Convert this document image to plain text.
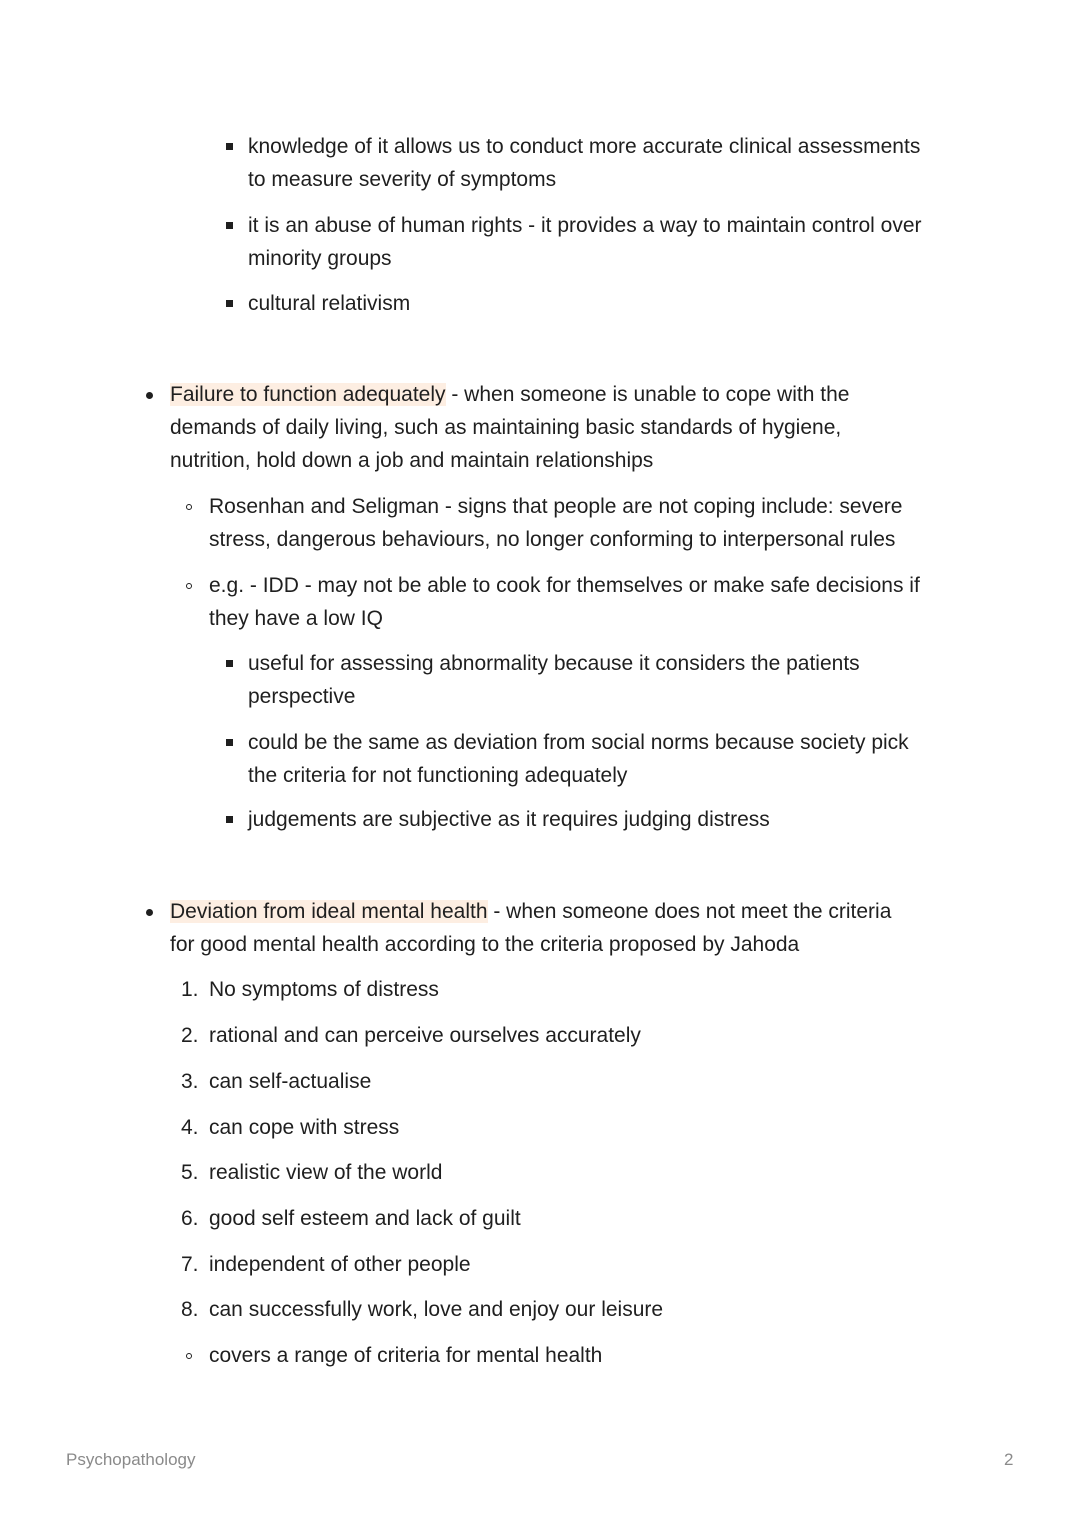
knowledge of it allows us to conduct more accurate clinical assessments
to measure severity of symptoms
it is an abuse of human rights - it provides a way to maintain control over
minority groups
cultural relativism
Failure to function adequately - when someone is unable to cope with the
demands of daily living, such as maintaining basic standards of hygiene,
nutrition, hold down a job and maintain relationships
Rosenhan and Seligman - signs that people are not coping include: severe
stress, dangerous behaviours, no longer conforming to interpersonal rules
e.g. - IDD - may not be able to cook for themselves or make safe decisions if
they have a low IQ
useful for assessing abnormality because it considers the patients
perspective
could be the same as deviation from social norms because society pick
the criteria for not functioning adequately
judgements are subjective as it requires judging distress
Deviation from ideal mental health - when someone does not meet the criteria
for good mental health according to the criteria proposed by Jahoda
1. No symptoms of distress
2. rational and can perceive ourselves accurately
3. can self-actualise
4. can cope with stress
5. realistic view of the world
6. good self esteem and lack of guilt
7. independent of other people
8. can successfully work, love and enjoy our leisure
covers a range of criteria for mental health
Psychopathology	2
